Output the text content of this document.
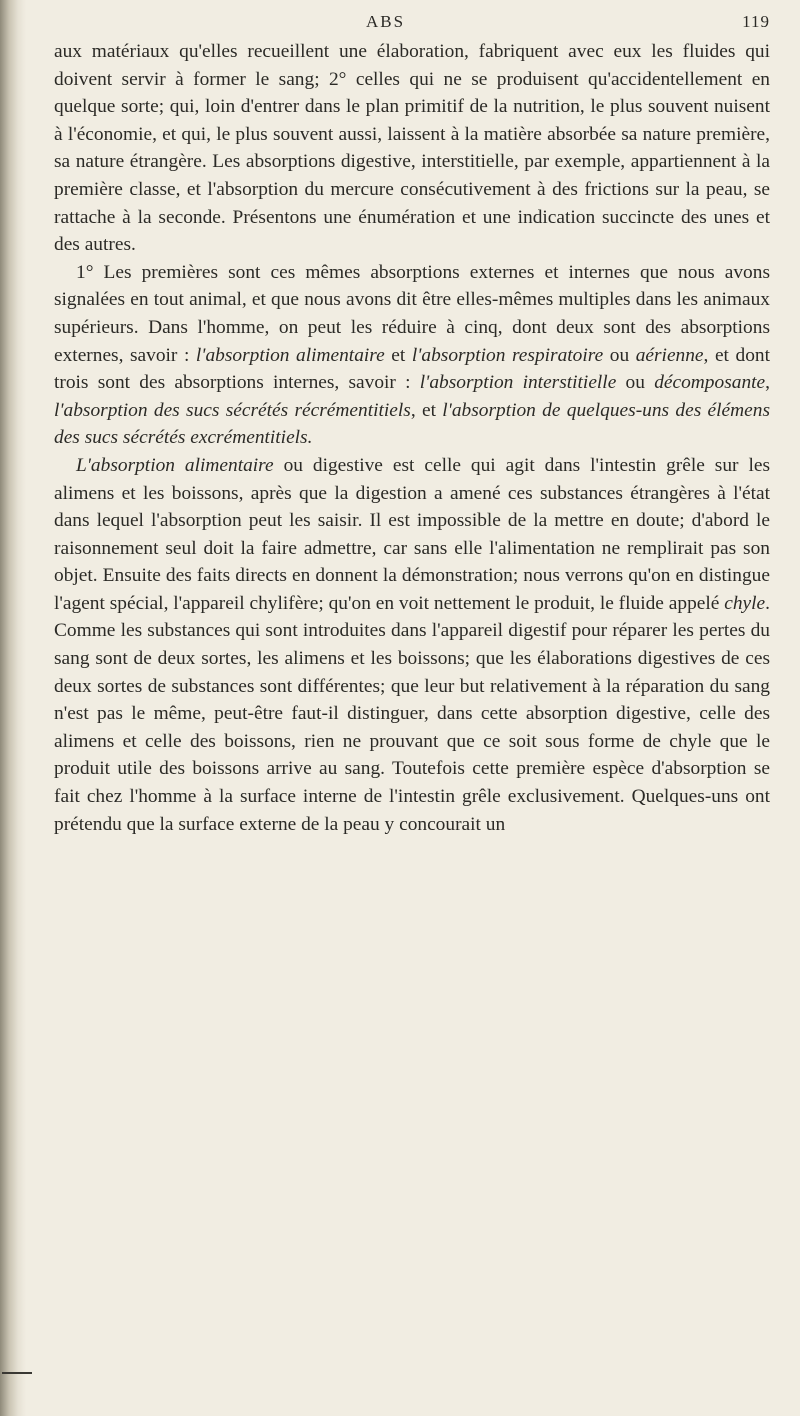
ABS	119

aux matériaux qu'elles recueillent une élaboration, fabriquent avec eux les fluides qui doivent servir à former le sang; 2° celles qui ne se produisent qu'accidentellement en quelque sorte; qui, loin d'entrer dans le plan primitif de la nutrition, le plus souvent nuisent à l'économie, et qui, le plus souvent aussi, laissent à la matière absorbée sa nature première, sa nature étrangère. Les absorptions digestive, interstitielle, par exemple, appartiennent à la première classe, et l'absorption du mercure consécutivement à des frictions sur la peau, se rattache à la seconde. Présentons une énumération et une indication succincte des unes et des autres.

1° Les premières sont ces mêmes absorptions externes et internes que nous avons signalées en tout animal, et que nous avons dit être elles-mêmes multiples dans les animaux supérieurs. Dans l'homme, on peut les réduire à cinq, dont deux sont des absorptions externes, savoir : l'absorption alimentaire et l'absorption respiratoire ou aérienne, et dont trois sont des absorptions internes, savoir : l'absorption interstitielle ou décomposante, l'absorption des sucs sécrétés récrémentitiels, et l'absorption de quelques-uns des élémens des sucs sécrétés excrémentitiels.

L'absorption alimentaire ou digestive est celle qui agit dans l'intestin grêle sur les alimens et les boissons, après que la digestion a amené ces substances étrangères à l'état dans lequel l'absorption peut les saisir. Il est impossible de la mettre en doute; d'abord le raisonnement seul doit la faire admettre, car sans elle l'alimentation ne remplirait pas son objet. Ensuite des faits directs en donnent la démonstration; nous verrons qu'on en distingue l'agent spécial, l'appareil chylifère; qu'on en voit nettement le produit, le fluide appelé chyle. Comme les substances qui sont introduites dans l'appareil digestif pour réparer les pertes du sang sont de deux sortes, les alimens et les boissons; que les élaborations digestives de ces deux sortes de substances sont différentes; que leur but relativement à la réparation du sang n'est pas le même, peut-être faut-il distinguer, dans cette absorption digestive, celle des alimens et celle des boissons, rien ne prouvant que ce soit sous forme de chyle que le produit utile des boissons arrive au sang. Toutefois cette première espèce d'absorption se fait chez l'homme à la surface interne de l'intestin grêle exclusivement. Quelques-uns ont prétendu que la surface externe de la peau y concourait un
